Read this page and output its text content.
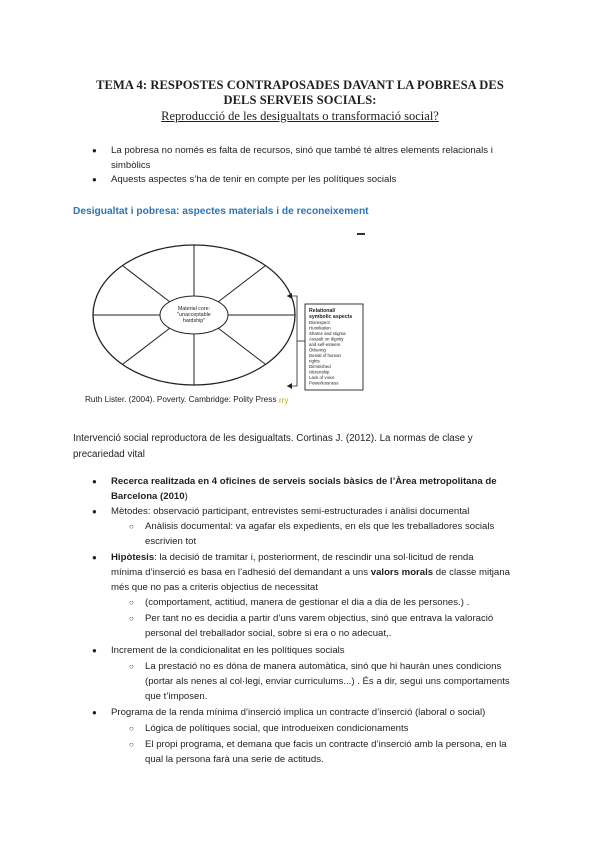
TEMA 4: RESPOSTES CONTRAPOSADES DAVANT LA POBRESA DES
DELS SERVEIS SOCIALS:
Reproducció de les desigualtats o transformació social?
● La pobresa no només es falta de recursos, sinó que també té altres elements relacionals i
simbòlics
● Aquests aspectes s’ha de tenir en compte per les polítiques socials
Desigualtat i pobresa: aspectes materials i de reconeixement
Material core:
"unacceptable
hardship"
Relational/
symbolic aspects
Disrespect
Humiliation
Shame and stigma
Assault on dignity
and self-esteem
Othering
Denial of human
rights
Diminished
citizenship
Lack of voice
Powerlessness
Ruth Lister. (2004). Poverty. Cambridge: Polity Press rry
Intervenció social reproductora de les desigualtats. Cortinas J. (2012). La normas de clase y
precariedad vital
● Recerca realitzada en 4 oficines de serveis socials bàsics de l’Àrea metropolitana de
Barcelona (2010)
● Mètodes: observació participant, entrevistes semi-estructurades i anàlisi documental
○ Anàlisis documental: va agafar els expedients, en els que les treballadores socials
escrivien tot
● Hipòtesis: la decisió de tramitar i, posteriorment, de rescindir una sol·licitud de renda
mínima d’inserció es basa en l’adhesió del demandant a uns valors morals de classe mitjana
més que no pas a criteris objectius de necessitat
○ (comportament, actitiud, manera de gestionar el dia a dia de les persones.) .
○ Per tant no es decidia a partir d’uns varem objectius, sinó que entrava la valoració
personal del treballador social, sobre si era o no adecuat,.
● Increment de la condicionalitat en les polítiques socials
○ La prestació no es dóna de manera automàtica, sinó que hi hauràn unes condicions
(portar als nenes al col·legi, enviar curriculums...) . És a dir, segui uns comportaments
que t’imposen.
● Programa de la renda mínima d’inserció implica un contracte d’inserció (laboral o social)
○ Lógica de polítiques social, que introdueixen condicionaments
○ El propi programa, et demana que facis un contracte d’inserció amb la persona, en la
qual la persona farà una serie de actituds.
